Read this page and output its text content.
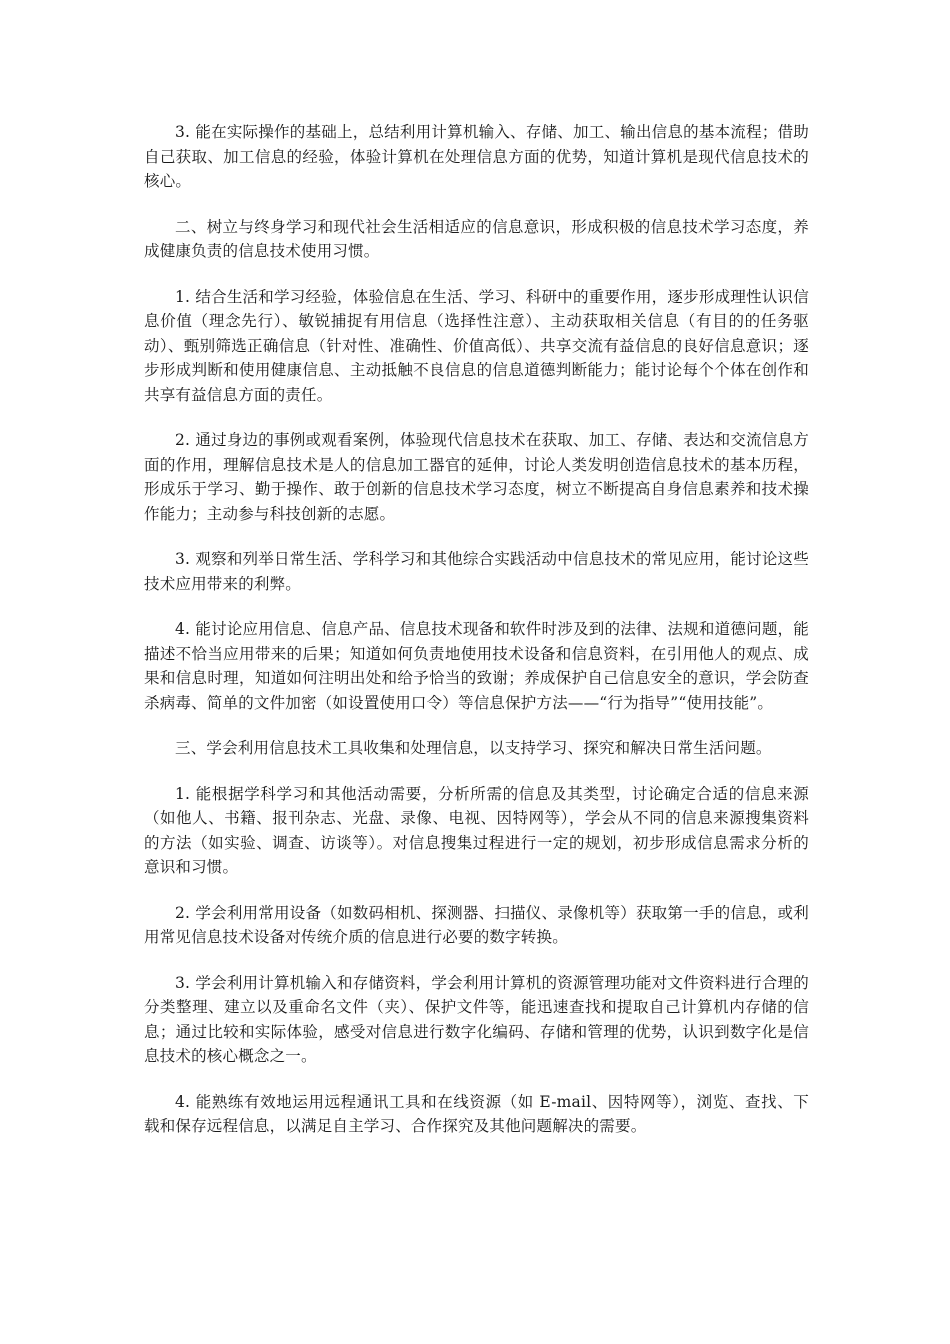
3. 能在实际操作的基础上，总结利用计算机输入、存储、加工、输出信息的基本流程；借助自己获取、加工信息的经验，体验计算机在处理信息方面的优势，知道计算机是现代信息技术的核心。

二、树立与终身学习和现代社会生活相适应的信息意识，形成积极的信息技术学习态度，养成健康负责的信息技术使用习惯。

1. 结合生活和学习经验，体验信息在生活、学习、科研中的重要作用，逐步形成理性认识信息价值（理念先行）、敏锐捕捉有用信息（选择性注意）、主动获取相关信息（有目的的任务驱动）、甄别筛选正确信息（针对性、准确性、价值高低）、共享交流有益信息的良好信息意识；逐步形成判断和使用健康信息、主动抵触不良信息的信息道德判断能力；能讨论每个个体在创作和共享有益信息方面的责任。

2. 通过身边的事例或观看案例，体验现代信息技术在获取、加工、存储、表达和交流信息方面的作用，理解信息技术是人的信息加工器官的延伸，讨论人类发明创造信息技术的基本历程，形成乐于学习、勤于操作、敢于创新的信息技术学习态度，树立不断提高自身信息素养和技术操作能力；主动参与科技创新的志愿。

3. 观察和列举日常生活、学科学习和其他综合实践活动中信息技术的常见应用，能讨论这些技术应用带来的利弊。

4. 能讨论应用信息、信息产品、信息技术现备和软件时涉及到的法律、法规和道德问题，能描述不恰当应用带来的后果；知道如何负责地使用技术设备和信息资料，在引用他人的观点、成果和信息时理，知道如何注明出处和给予恰当的致谢；养成保护自己信息安全的意识，学会防查杀病毒、简单的文件加密（如设置使用口令）等信息保护方法——“行为指导”“使用技能”。

三、学会利用信息技术工具收集和处理信息，以支持学习、探究和解决日常生活问题。

1. 能根据学科学习和其他活动需要，分析所需的信息及其类型，讨论确定合适的信息来源（如他人、书籍、报刊杂志、光盘、录像、电视、因特网等），学会从不同的信息来源搜集资料的方法（如实验、调查、访谈等）。对信息搜集过程进行一定的规划，初步形成信息需求分析的意识和习惯。

2. 学会利用常用设备（如数码相机、探测器、扫描仪、录像机等）获取第一手的信息，或利用常见信息技术设备对传统介质的信息进行必要的数字转换。

3. 学会利用计算机输入和存储资料，学会利用计算机的资源管理功能对文件资料进行合理的分类整理、建立以及重命名文件（夹）、保护文件等，能迅速查找和提取自己计算机内存储的信息；通过比较和实际体验，感受对信息进行数字化编码、存储和管理的优势，认识到数字化是信息技术的核心概念之一。

4. 能熟练有效地运用远程通讯工具和在线资源（如 E-mail、因特网等），浏览、查找、下载和保存远程信息，以满足自主学习、合作探究及其他问题解决的需要。
